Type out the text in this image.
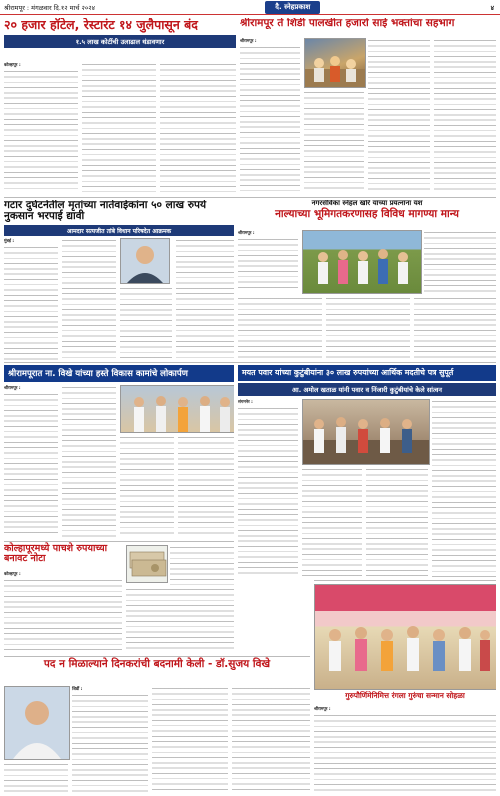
श्रीरामपूर : मंगळवार दि.१२ मार्च २०२४	दै. स्नेहप्रकाश	४
२० हजार हॉटेल, रेस्टारंट १४ जुलैपासून बंद
१.५ लाख कोटींची उलाढाल थंडावणार
कोल्हापूर :
श्रीरामपूर ते शिर्डी पालखीत हजारो साई भक्तांचा सहभाग
श्रीरामपूर :
गटार दुर्घटनेतील मृतांच्या नातेवाईकांना ५० लाख रुपये नुकसान भरपाई द्यावी
आमदार सत्यजीत तांबे विधान परिषदेत आक्रमक
मुंबई :
नगरसेविका स्नेहल खोरे यांच्या प्रयत्नांना यश
नाल्याच्या भूमिगतकरणासह विविध मागण्या मान्य
श्रीरामपूर :
श्रीरामपूरात ना. विखे यांच्या हस्ते विकास कामांचे लोकार्पण
श्रीरामपूर :
मयत पवार यांच्या कुटुंबीयांना ३० लाख रुपयांच्या आर्थिक मदतीचे पत्र सुपूर्त
आ. अमोल खताळ यांनी पवार व निंजारी कुटुंबीयांचे केले सांत्वन
संगमनेर :
कोल्हापूरमध्ये पाचशे रुपयाच्या बनावट नोटा
कोल्हापूर :
पद न मिळाल्याने दिनकरांची बदनामी केली - डॉ.सुजय विखे
शिर्डी :
गुरुपौर्णिमेनिमित्त रंगला गुरुंचा सन्मान सोहळा
श्रीरामपूर :
